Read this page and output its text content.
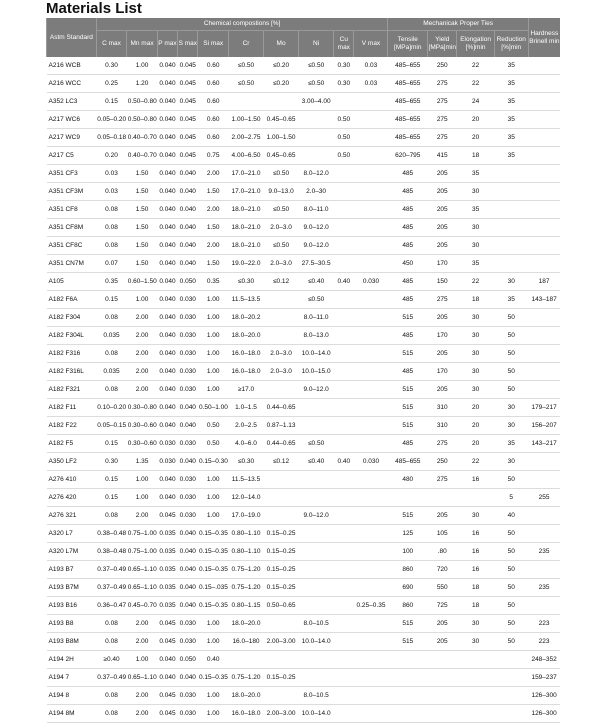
Materials List
Astm Standard	Chemical compostions [%]										Mechanicak Proper Ties				Hardness Brinell min
	C max	Mn max	P max	S max	Si max	Cr	Mo	Ni	Cu max	V max	Tensile [MPa]min	Yield [MPa]min	Elongation [%]min	Reduction [%]min	
A216 WCB	0.30	1.00	0.040	0.045	0.60	≤0.50	≤0.20	≤0.50	0.30	0.03	485–655	250	22	35	
A216 WCC	0.25	1.20	0.040	0.045	0.60	≤0.50	≤0.20	≤0.50	0.30	0.03	485–655	275	22	35	
A352 LC3	0.15	0.50–0.80	0.040	0.045	0.60			3.00–4.00			485–655	275	24	35	
A217 WC6	0.05–0.20	0.50–0.80	0.040	0.045	0.60	1.00–1.50	0.45–0.65		0.50		485–655	275	20	35	
A217 WC9	0.05–0.18	0.40–0.70	0.040	0.045	0.60	2.00–2.75	1.00–1.50		0.50		485–655	275	20	35	
A217 C5	0.20	0.40–0.70	0.040	0.045	0.75	4.00–6.50	0.45–0.65		0.50		620–795	415	18	35	
A351 CF3	0.03	1.50	0.040	0.040	2.00	17.0–21.0	≤0.50	8.0–12.0			485	205	35		
A351 CF3M	0.03	1.50	0.040	0.040	1.50	17.0–21.0	9.0–13.0	2.0–30			485	205	30		
A351 CF8	0.08	1.50	0.040	0.040	2.00	18.0–21.0	≤0.50	8.0–11.0			485	205	35		
A351 CF8M	0.08	1.50	0.040	0.040	1.50	18.0–21.0	2.0–3.0	9.0–12.0			485	205	30		
A351 CF8C	0.08	1.50	0.040	0.040	2.00	18.0–21.0	≤0.50	9.0–12.0			485	205	30		
A351 CN7M	0.07	1.50	0.040	0.040	1.50	19.0–22.0	2.0–3.0	27.5–30.5			450	170	35		
A105	0.35	0.60–1.50	0.040	0.050	0.35	≤0.30	≤0.12	≤0.40	0.40	0.030	485	150	22	30	187
A182 F6A	0.15	1.00	0.040	0.030	1.00	11.5–13.5		≤0.50			485	275	18	35	143–187
A182 F304	0.08	2.00	0.040	0.030	1.00	18.0–20.2		8.0–11.0			515	205	30	50	
A182 F304L	0.035	2.00	0.040	0.030	1.00	18.0–20.0		8.0–13.0			485	170	30	50	
A182 F316	0.08	2.00	0.040	0.030	1.00	16.0–18.0	2.0–3.0	10.0–14.0			515	205	30	50	
A182 F316L	0.035	2.00	0.040	0.030	1.00	16.0–18.0	2.0–3.0	10.0–15.0			485	170	30	50	
A182 F321	0.08	2.00	0.040	0.030	1.00	≥17.0		9.0–12.0			515	205	30	50	
A182 F11	0.10–0.20	0.30–0.80	0.040	0.040	0.50–1.00	1.0–1.5	0.44–0.65				515	310	20	30	179–217
A182 F22	0.05–0.15	0.30–0.60	0.040	0.040	0.50	2.0–2.5	0.87–1.13				515	310	20	30	156–207
A182 F5	0.15	0.30–0.60	0.030	0.030	0.50	4.0–6.0	0.44–0.65	≤0.50			485	275	20	35	143–217
A350 LF2	0.30	1.35	0.030	0.040	0.15–0.30	≤0.30	≤0.12	≤0.40	0.40	0.030	485–655	250	22	30	
A276 410	0.15	1.00	0.040	0.030	1.00	11.5–13.5					480	275	16	50	
A276 420	0.15	1.00	0.040	0.030	1.00	12.0–14.0								5	255
A276 321	0.08	2.00	0.045	0.030	1.00	17.0–19.0		9.0–12.0			515	205	30	40	
A320 L7	0.38–0.48	0.75–1.00	0.035	0.040	0.15–0.35	0.80–1.10	0.15–0.25				125	105	16	50	
A320 L7M	0.38–0.48	0.75–1.00	0.035	0.040	0.15–0.35	0.80–1.10	0.15–0.25				100	.80	16	50	235
A193 B7	0.37–0.49	0.65–1.10	0.035	0.040	0.15–0.35	0.75–1.20	0.15–0.25				860	720	16	50	
A193 B7M	0.37–0.49	0.65–1.10	0.035	0.040	0.15–.035	0.75–1.20	0.15–0.25				690	550	18	50	235
A193 B16	0.36–0.47	0.45–0.70	0.035	0.040	0.15–0.35	0.80–1.15	0.50–0.65			0.25–0.35	860	725	18	50	
A193 B8	0.08	2.00	0.045	0.030	1.00	18.0–20.0		8.0–10.5			515	205	30	50	223
A193 B8M	0.08	2.00	0.045	0.030	1.00	16.0–180	2.00–3.00	10.0–14.0			515	205	30	50	223
A194 2H	≥0.40	1.00	0.040	0.050	0.40										248–352
A194 7	0.37–0.49	0.65–1.10	0.040	0.040	0.15–0.35	0.75–1.20	0.15–0.25								159–237
A194 8	0.08	2.00	0.045	0.030	1.00	18.0–20.0		8.0–10.5							126–300
A194 8M	0.08	2.00	0.045	0.030	1.00	16.0–18.0	2.00–3.00	10.0–14.0							126–300
